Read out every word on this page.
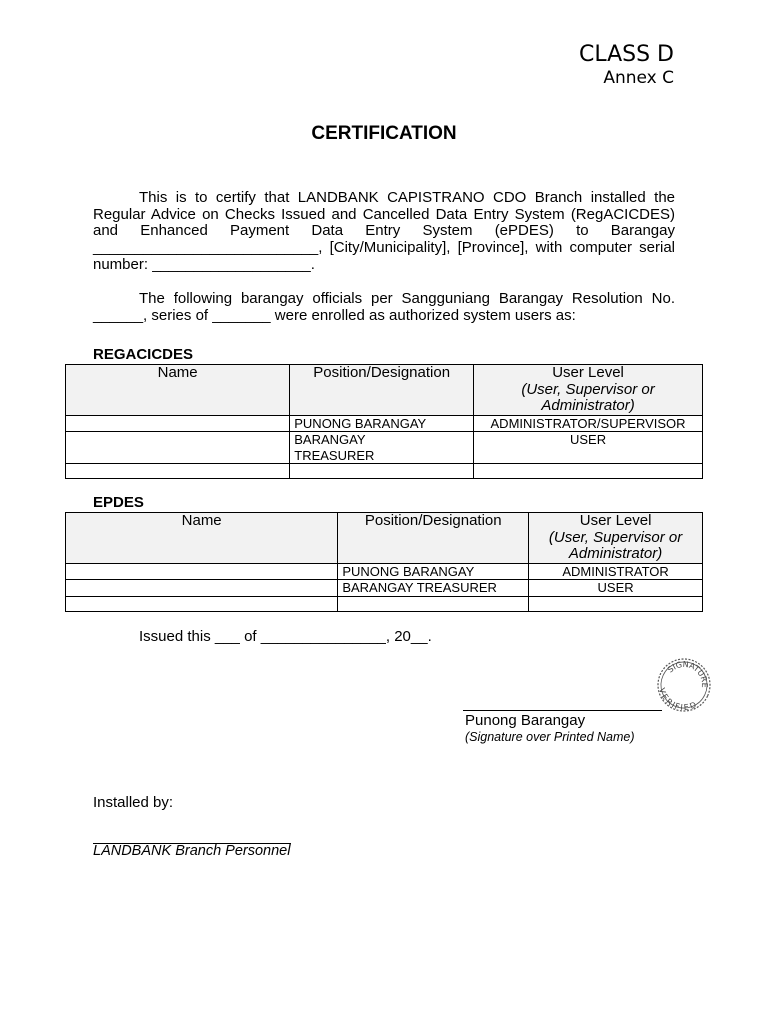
CLASS D
Annex C
CERTIFICATION
This is to certify that LANDBANK CAPISTRANO CDO Branch installed the
Regular Advice on Checks Issued and Cancelled Data Entry System (RegACICDES)
and Enhanced Payment Data Entry System (ePDES) to Barangay
___________________________, [City/Municipality], [Province], with computer serial
number: ___________________.
The following barangay officials per Sangguniang Barangay Resolution No.
______, series of _______ were enrolled as authorized system users as:
REGACICDES
Name	Position/Designation	User Level
(User, Supervisor or Administrator)
	PUNONG BARANGAY	ADMINISTRATOR/SUPERVISOR
	BARANGAY TREASURER	USER

EPDES
Name	Position/Designation	User Level
(User, Supervisor or Administrator)
	PUNONG BARANGAY	ADMINISTRATOR
	BARANGAY TREASURER	USER

Issued this ___ of _______________, 20__.
SIGNATURE
VERIFIED
Punong Barangay
(Signature over Printed Name)
Installed by:
LANDBANK Branch Personnel
